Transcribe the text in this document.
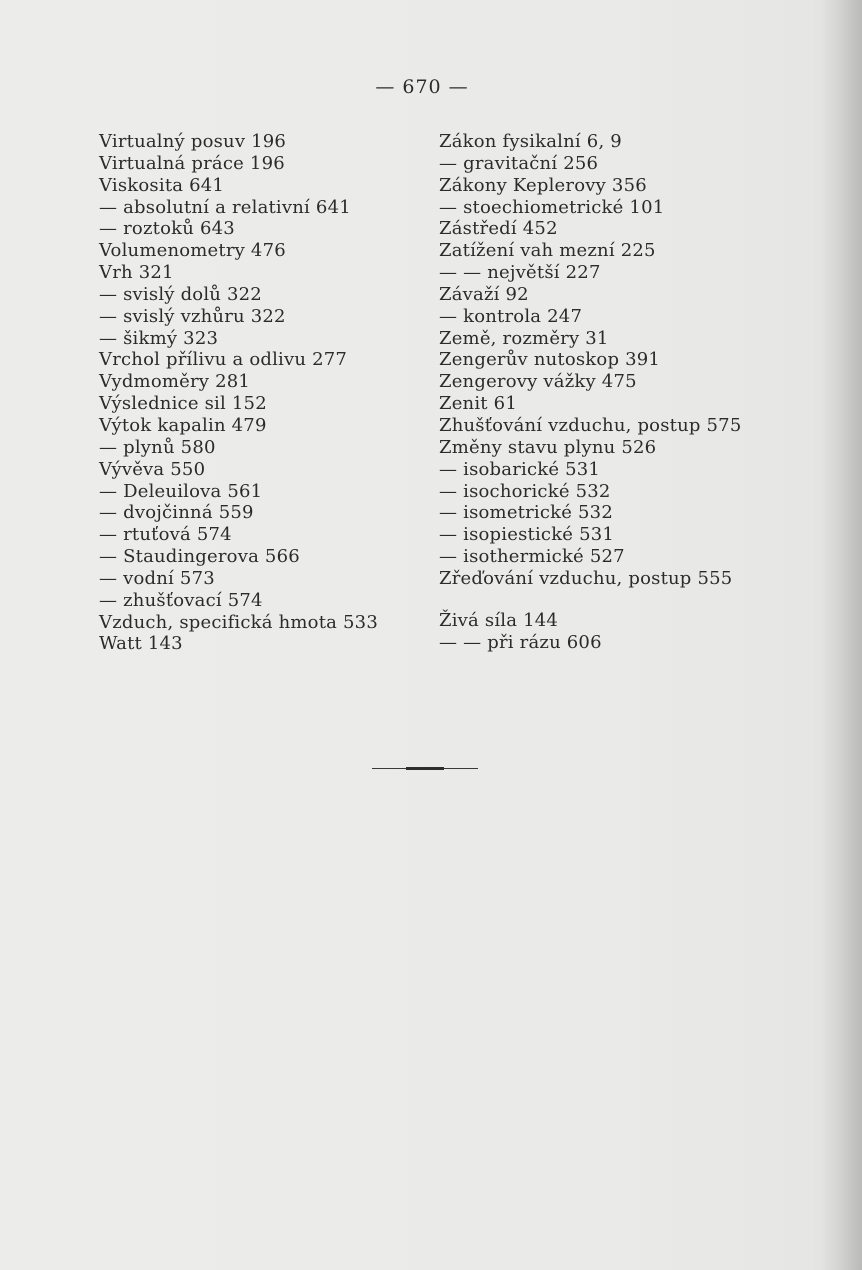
— 670 —
Virtualný posuv 196
Virtualná práce 196
Viskosita 641
— absolutní a relativní 641
— roztoků 643
Volumenometry 476
Vrh 321
— svislý dolů 322
— svislý vzhůru 322
— šikmý 323
Vrchol přílivu a odlivu 277
Vydmoměry 281
Výslednice sil 152
Výtok kapalin 479
— plynů 580
Vývěva 550
— Deleuilova 561
— dvojčinná 559
— rtuťová 574
— Staudingerova 566
— vodní 573
— zhušťovací 574
Vzduch, specifická hmota 533
Watt 143
Zákon fysikalní 6, 9
— gravitační 256
Zákony Keplerovy 356
— stoechiometrické 101
Zástředí 452
Zatížení vah mezní 225
— — největší 227
Závaží 92
— kontrola 247
Země, rozměry 31
Zengerův nutoskop 391
Zengerovy vážky 475
Zenit 61
Zhušťování vzduchu, postup 575
Změny stavu plynu 526
— isobarické 531
— isochorické 532
— isometrické 532
— isopiestické 531
— isothermické 527
Zřeďování vzduchu, postup 555
Živá síla 144
— — při rázu 606
